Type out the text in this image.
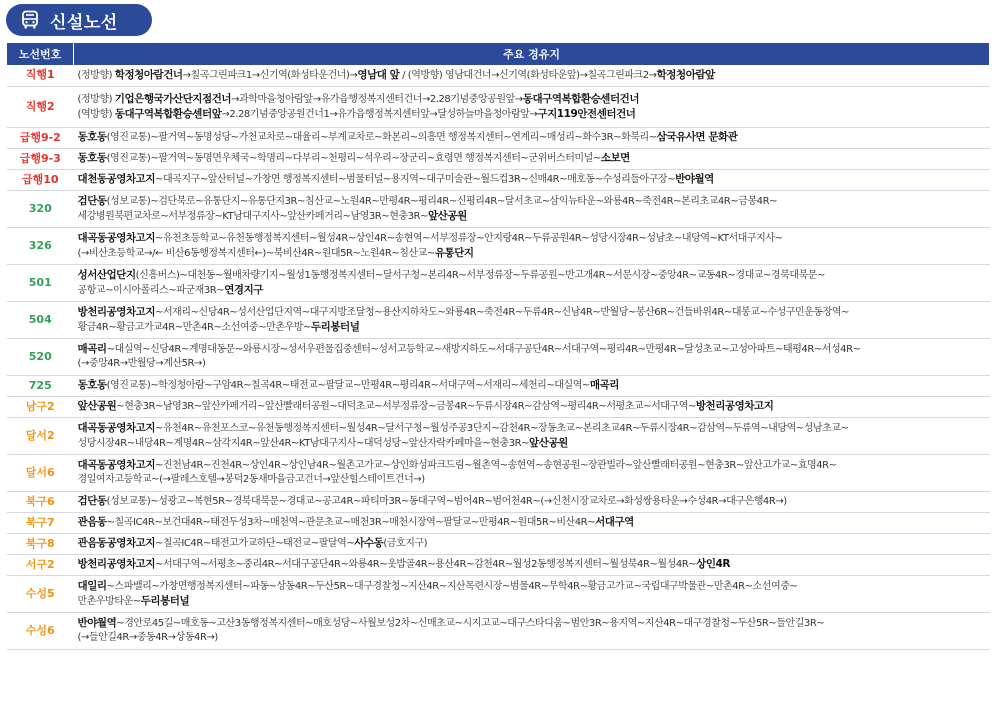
신설노선
노선번호	주요 경유지
직행1	(정방향) 학정청아람건너→칠곡그린파크1→신기역(화성타운건너)→영남대 앞 / (역방향) 영남대건너→신기역(화성타운앞)→칠곡그린파크2→학정청아람앞

직행2	(정방향) 기업은행국가산단지점건너→과학마을청아람앞→유가읍행정복지센터건너→2.28기념중앙공원앞→동대구역복합환승센터건너
(역방향) 동대구역복합환승센터앞→2.28기념중앙공원건너1→유가읍행정복지센터앞→달성하늘마을청아람앞→구지119안전센터건너

급행9-2	동호동(영진교통)~팔거역~동명성당~가천교차로~대율리~부계교차로~화본리~의흥면 행정복지센터~연계리~매성리~화수3R~화북리~삼국유사면 문화관

급행9-3	동호동(영진교통)~팔거역~동명면우체국~학명리~다부리~천평리~석우리~장군리~효령면 행정복지센터~군위버스터미널~소보면

급행10	대천동공영차고지~대곡지구~앞산터널~가창면 행정복지센터~범물터널~용지역~대구미술관~월드컵3R~신매4R~매호동~수성리들아구장~반야월역

320	검단동(성보교통)~검단북로~유통단지~유통단지3R~침산교~노원4R~만평4R~평리4R~신평리4R~달서초교~삼익뉴타운~와룡4R~죽전4R~본리초교4R~금봉4R~
세강병원북편교차로~서부정류장~KT남대구지사~앞산카페거리~남영3R~현충3R~앞산공원

326	대곡동공영차고지~유천초등학교~유천동행정복지센터~월성4R~상인4R~송현역~서부정류장~안지랑4R~두류공원4R~성당시장4R~성남초~내당역~KT서대구지사~
(→비산초등학교→/← 비산6동행정복지센터←)~북비산4R~원대5R~노원4R~침산교~유통단지

501	성서산업단지(신흥버스)~대천동~월배차량기지~월성1동행정복지센터~달서구청~본리4R~서부정류장~두류공원~반고개4R~서문시장~중앙4R~교동4R~경대교~경북대북문~
공항교~이시아폴리스~파군재3R~연경지구

504	방천리공영차고지~서재리~신당4R~성서산업단지역~대구지방조달청~용산지하차도~와룡4R~죽전4R~두류4R~신남4R~반월당~봉산6R~건들바위4R~대봉교~수성구민운동장역~
황금4R~황금고가교4R~만촌4R~소선여중~만촌우방~두리봉터널

520	매곡리~대실역~신당4R~계명대동문~와룡시장~성서우편물집중센터~성서고등학교~새방지하도~서대구공단4R~서대구역~평리4R~만평4R~달성초교~고성아파트~태평4R~서성4R~
(→중앙4R→반월당→계산5R→)

725	동호동(영진교통)~학정청아람~구암4R~칠곡4R~태전교~팔달교~만평4R~평리4R~서대구역~서재리~세천리~대실역~매곡리

남구2	앞산공원~현충3R~남영3R~앞산카페거리~앞산빨래터공원~대덕초교~서부정류장~금봉4R~두류시장4R~감삼역~평리4R~서평초교~서대구역~방천리공영차고지

달서2	대곡동공영차고지~유천4R~유천포스코~유천동행정복지센터~월성4R~달서구청~월성주공3단지~감천4R~장동초교~본리초교4R~두류시장4R~감삼역~두류역~내당역~성남초교~
성당시장4R~내당4R~계명4R~삼각지4R~앞산4R~KT남대구지사~대덕성당~앞산자락카페마을~현충3R~앞산공원

달서6	대곡동공영차고지~진천남4R~진천4R~상인4R~상인남4R~월촌고가교~상인화성파크드림~월촌역~송현역~송현공원~장관빌라~앞산빨래터공원~현충3R~앞산고가교~효명4R~
경일여자고등학교~(→팔레스호텔→봉덕2동새마을금고건너→앞산힐스테이트건너→)

북구6	검단동(성보교통)~성광고~복현5R~경북대북문~경대교~공고4R~파티마3R~동대구역~범어4R~범어천4R~(→신천시장교차로→화성쌍용타운→수성4R→대구은행4R→)

북구7	관음동~칠곡IC4R~보건대4R~태전두성3차~매천역~관문초교~매천3R~매천시장역~팔달교~만평4R~원대5R~비산4R~서대구역

북구8	관음동공영차고지~칠곡IC4R~태전고가교하단~태전교~팔달역~사수동(금호지구)

서구2	방천리공영차고지~서대구역~서평초~중리4R~서대구공단4R~와룡4R~옷밥골4R~용산4R~감천4R~월성2동행정복지센터~월성북4R~월성4R~상인4R

수성5	대일리~스파밸리~가창면행정복지센터~파동~상동4R~두산5R~대구경찰청~지산4R~지산목련시장~범물4R~무학4R~황금고가교~국립대구박물관~만촌4R~소선여중~
만촌우방타운~두리봉터널

수성6	반야월역~경안로45길~매호동~고산3동행정복지센터~매호성당~사월보성2차~신매초교~시지고교~대구스타디움~범안3R~용지역~지산4R~대구경찰청~두산5R~들안길3R~
(→들안길4R→중동4R→상동4R→)
